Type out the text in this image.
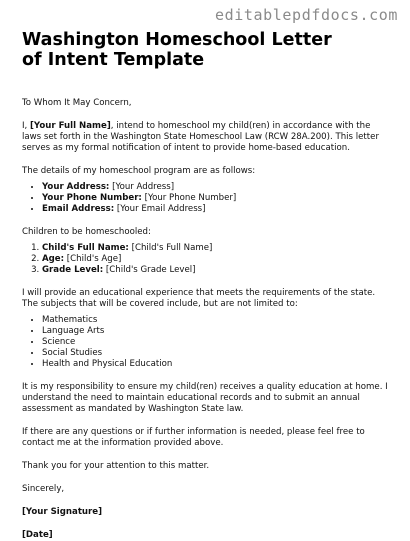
editablepdfdocs.com
Washington Homeschool Letter of Intent Template

To Whom It May Concern,

I, [Your Full Name], intend to homeschool my child(ren) in accordance with the laws set forth in the Washington State Homeschool Law (RCW 28A.200). This letter serves as my formal notification of intent to provide home-based education.

The details of my homeschool program are as follows:

• Your Address: [Your Address]
• Your Phone Number: [Your Phone Number]
• Email Address: [Your Email Address]

Children to be homeschooled:

1. Child's Full Name: [Child's Full Name]
2. Age: [Child's Age]
3. Grade Level: [Child's Grade Level]

I will provide an educational experience that meets the requirements of the state. The subjects that will be covered include, but are not limited to:

• Mathematics
• Language Arts
• Science
• Social Studies
• Health and Physical Education

It is my responsibility to ensure my child(ren) receives a quality education at home. I understand the need to maintain educational records and to submit an annual assessment as mandated by Washington State law.

If there are any questions or if further information is needed, please feel free to contact me at the information provided above.

Thank you for your attention to this matter.

Sincerely,

[Your Signature]

[Date]
